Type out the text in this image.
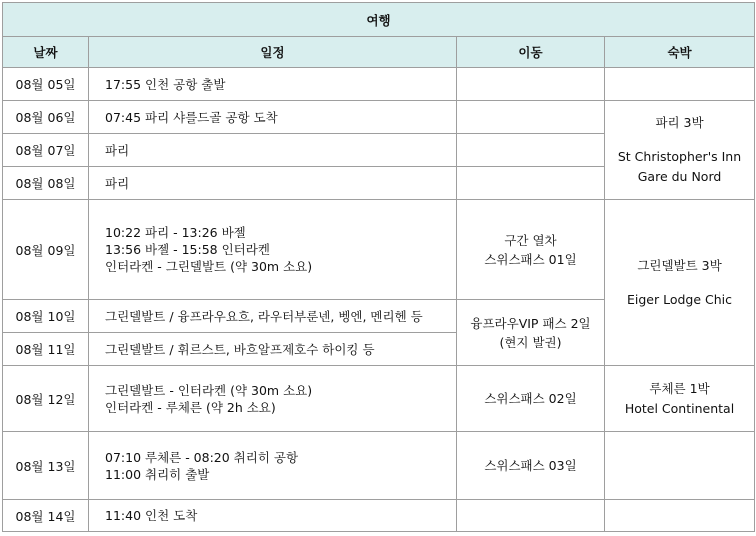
여행			
날짜	일정	이동	숙박
08월 05일	17:55 인천 공항 출발		

08월 06일	07:45 파리 샤를드골 공항 도착		파리 3박
St Christopher's Inn
Gare du Nord

08월 07일	파리		

08월 08일	파리		

08월 09일	10:22 파리 - 13:26 바젤
13:56 바젤 - 15:58 인터라켄
인터라켄 - 그린델발트 (약 30m 소요)	구간 열차
스위스패스 01일	그린델발트 3박
Eiger Lodge Chic

08월 10일	그린델발트 / 융프라우요흐, 라우터부룬넨, 벵엔, 멘리헨 등	융프라우VIP 패스 2일
(현지 발권)	

08월 11일	그린델발트 / 휘르스트, 바흐알프제호수 하이킹 등		

08월 12일	그린델발트 - 인터라켄 (약 30m 소요)
인터라켄 - 루체른 (약 2h 소요)	스위스패스 02일	루체른 1박
Hotel Continental

08월 13일	07:10 루체른 - 08:20 취리히 공항
11:00 취리히 출발	스위스패스 03일	

08월 14일	11:40 인천 도착		
